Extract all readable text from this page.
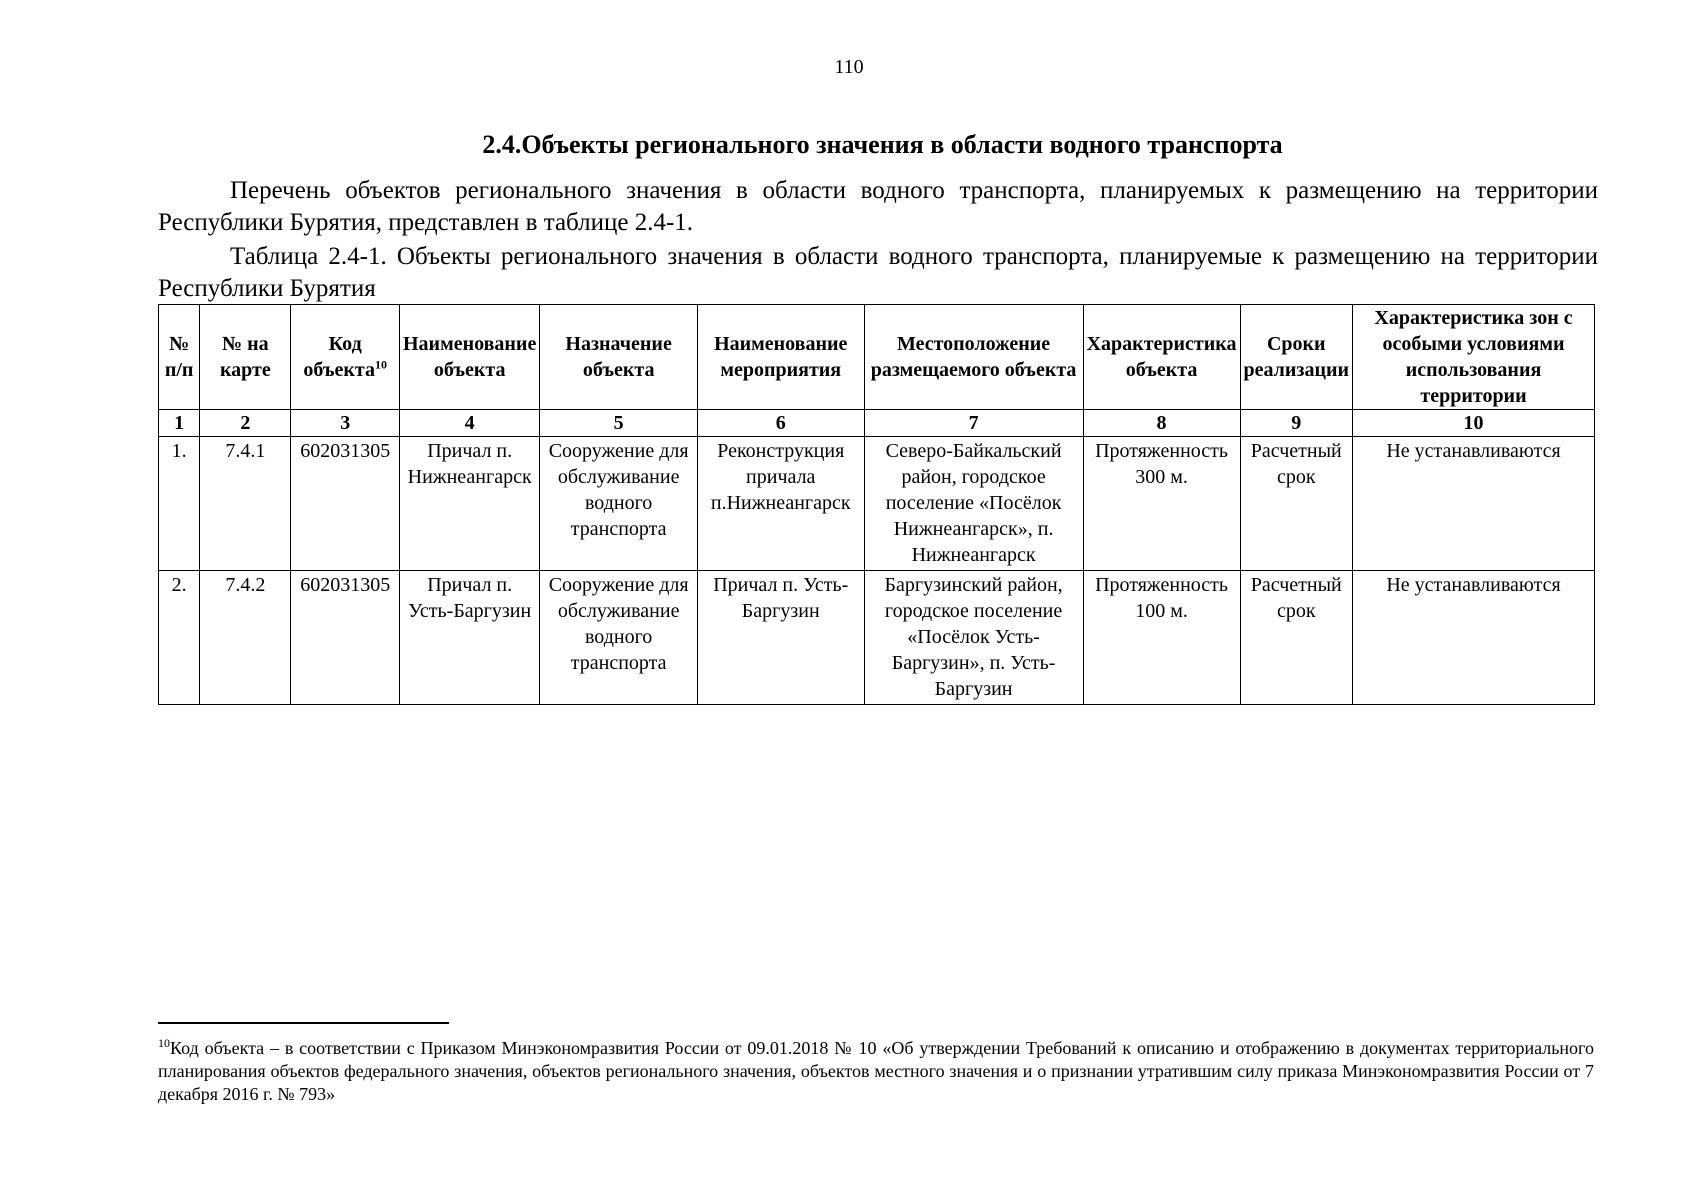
110
2.4.Объекты регионального значения в области водного транспорта

Перечень объектов регионального значения в области водного транспорта, планируемых к размещению на территории Республики Бурятия, представлен в таблице 2.4-1.

Таблица 2.4-1. Объекты регионального значения в области водного транспорта, планируемые к размещению на территории Республики Бурятия

№ п/п	№ на карте	Код объекта$^{10}$	Наименование объекта	Назначение объекта	Наименование мероприятия	Местоположение размещаемого объекта	Характеристика объекта	Сроки реализации	Характеристика зон с особыми условиями использования территории
1	2	3	4	5	6	7	8	9	10
1.	7.4.1	602031305	Причал п. Нижнеангарск	Сооружение для обслуживание водного транспорта	Реконструкция причала п.Нижнеангарск	Северо-Байкальский район, городское поселение «Посёлок Нижнеангарск», п. Нижнеангарск	Протяженность 300 м.	Расчетный срок	Не устанавливаются
2.	7.4.2	602031305	Причал п. Усть-Баргузин	Сооружение для обслуживание водного транспорта	Причал п. Усть-Баргузин	Баргузинский район, городское поселение «Посёлок Усть-Баргузин», п. Усть-Баргузин	Протяженность 100 м.	Расчетный срок	Не устанавливаются
$^{10}$Код объекта – в соответствии с Приказом Минэкономразвития России от 09.01.2018 № 10 «Об утверждении Требований к описанию и отображению в документах территориального планирования объектов федерального значения, объектов регионального значения, объектов местного значения и о признании утратившим силу приказа Минэкономразвития России от 7 декабря 2016 г. № 793»
